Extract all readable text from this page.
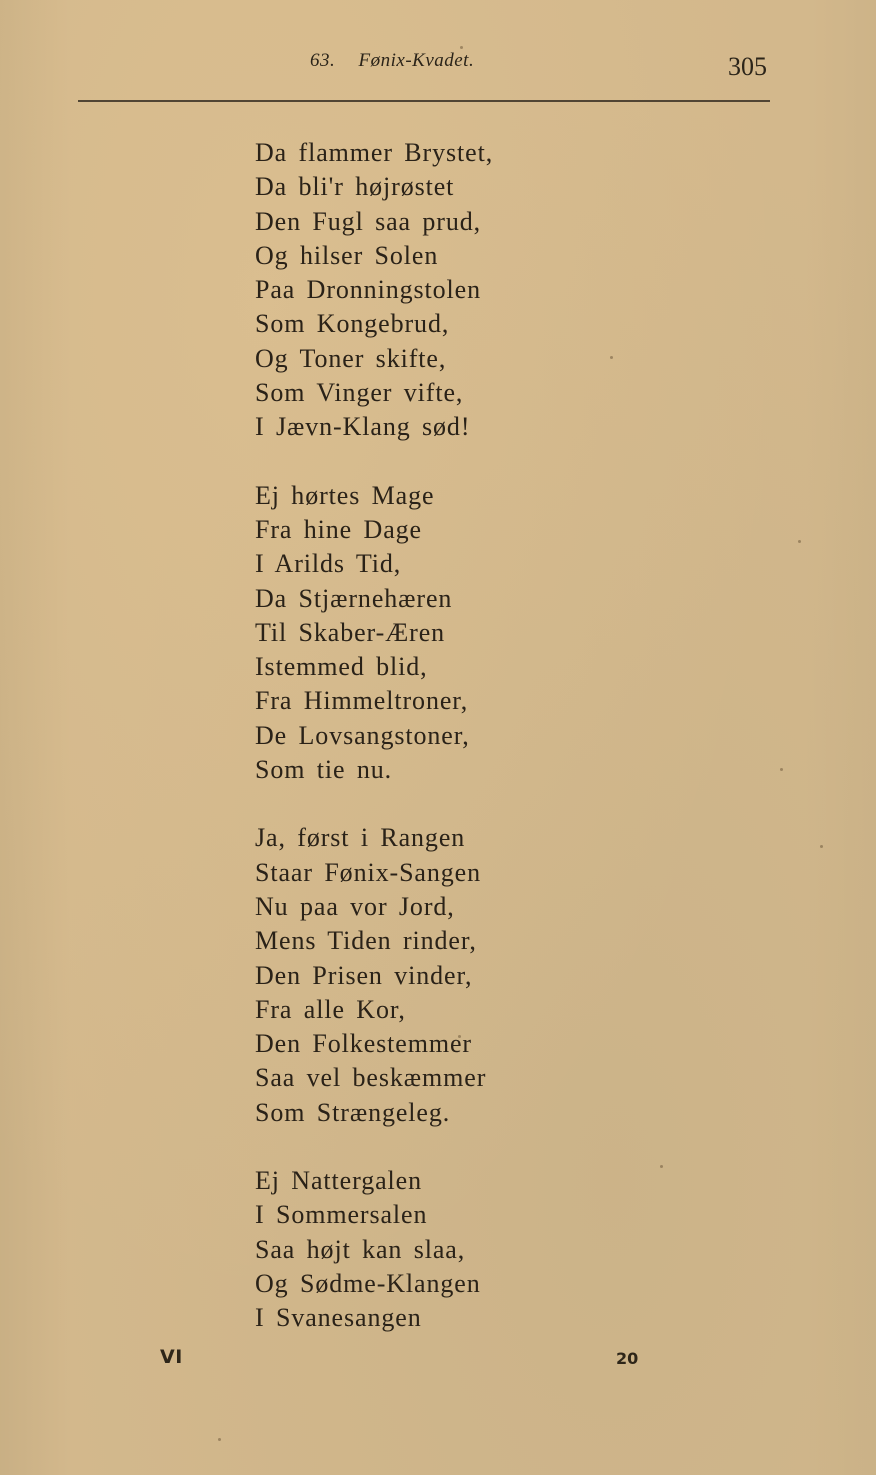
63. Fønix-Kvadet.	305
Da flammer Brystet,
Da bli'r højrøstet
Den Fugl saa prud,
Og hilser Solen
Paa Dronningstolen
Som Kongebrud,
Og Toner skifte,
Som Vinger vifte,
I Jævn-Klang sød!
Ej hørtes Mage
Fra hine Dage
I Arilds Tid,
Da Stjærnehæren
Til Skaber-Æren
Istemmed blid,
Fra Himmeltroner,
De Lovsangstoner,
Som tie nu.
Ja, først i Rangen
Staar Fønix-Sangen
Nu paa vor Jord,
Mens Tiden rinder,
Den Prisen vinder,
Fra alle Kor,
Den Folkestemmer
Saa vel beskæmmer
Som Strængeleg.
Ej Nattergalen
I Sommersalen
Saa højt kan slaa,
Og Sødme-Klangen
I Svanesangen
VI	20
